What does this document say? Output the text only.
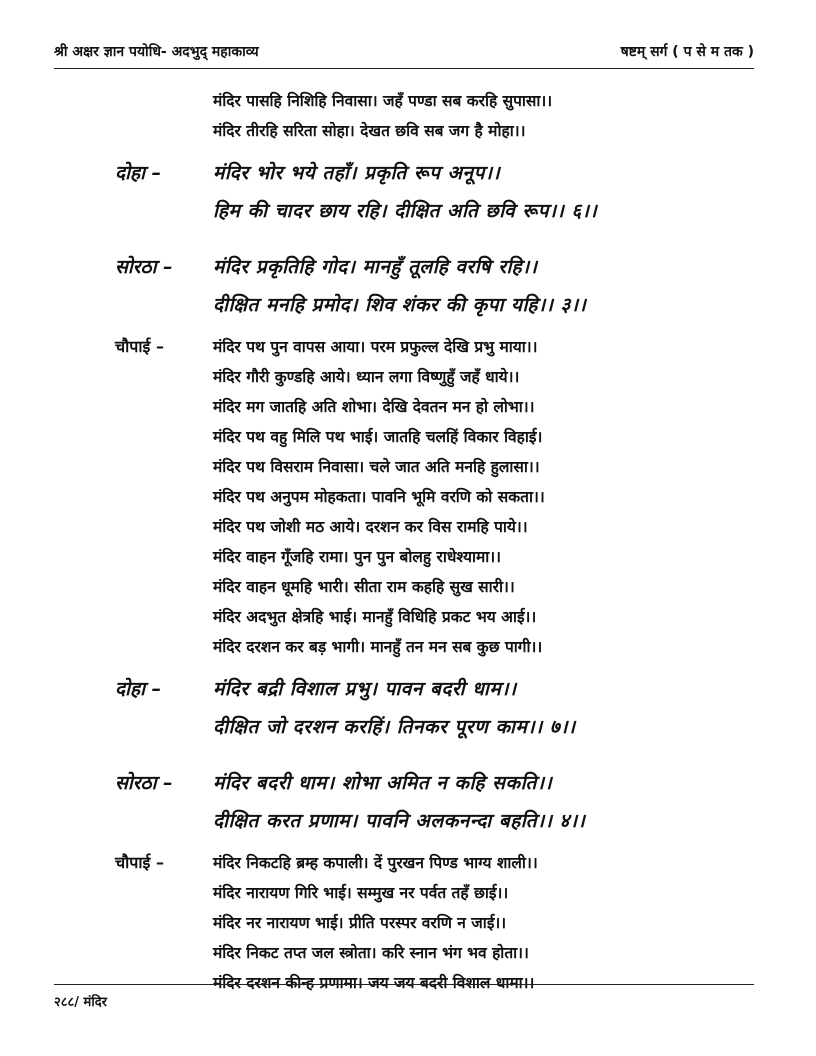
श्री अक्षर ज्ञान पयोधि- अदभुद् महाकाव्य	षष्टम् सर्ग ( प से म तक )
मंदिर पासहि निशिहि निवासा। जहँ पण्डा सब करहि सुपासा।।
मंदिर तीरहि सरिता सोहा। देखत छवि सब जग है मोहा।।
दोहा –	मंदिर भोर भये तहाँ। प्रकृति रूप अनूप।।
हिम की चादर छाय रहि। दीक्षित अति छवि रूप।। ६।।
सोरठा – मंदिर प्रकृतिहि गोद। मानहुँ तूलहि वरषि रहि।।
दीक्षित मनहि प्रमोद। शिव शंकर की कृपा यहि।। ३।।
चौपाई –	मंदिर पथ पुन वापस आया। परम प्रफुल्ल देखि प्रभु माया।।
मंदिर गौरी कुण्डहि आये। ध्यान लगा विष्णुहुँ जहँ धाये।।
मंदिर मग जातहि अति शोभा। देखि देवतन मन हो लोभा।।
मंदिर पथ वहु मिलि पथ भाई। जातहि चलहिं विकार विहाई।
मंदिर पथ विसराम निवासा। चले जात अति मनहि हुलासा।।
मंदिर पथ अनुपम मोहकता। पावनि भूमि वरणि को सकता।।
मंदिर पथ जोशी मठ आये। दरशन कर विस रामहि पाये।।
मंदिर वाहन गूँजहि रामा। पुन पुन बोलहु राधेश्यामा।।
मंदिर वाहन धूमहि भारी। सीता राम कहहि सुख सारी।।
मंदिर अदभुत क्षेत्रहि भाई। मानहुँ विधिहि प्रकट भय आई।।
मंदिर दरशन कर बड़ भागी। मानहुँ तन मन सब कुछ पागी।।
दोहा –	मंदिर बद्री विशाल प्रभु। पावन बदरी धाम।।
दीक्षित जो दरशन करहिं। तिनकर पूरण काम।। ७।।
सोरठा – मंदिर बदरी धाम। शोभा अमित न कहि सकति।।
दीक्षित करत प्रणाम। पावनि अलकनन्दा बहति।। ४।।
चौपाई –	मंदिर निकटहि ब्रम्ह कपाली। दें पुरखन पिण्ड भाग्य शाली।।
मंदिर नारायण गिरि भाई। सम्मुख नर पर्वत तहँ छाई।।
मंदिर नर नारायण भाई। प्रीति परस्पर वरणि न जाई।।
मंदिर निकट तप्त जल स्त्रोता। करि स्नान भंग भव होता।।
मंदिर दरशन कीन्ह प्रणामा। जय जय बदरी विशाल धामा।।
२८८/ मंदिर
